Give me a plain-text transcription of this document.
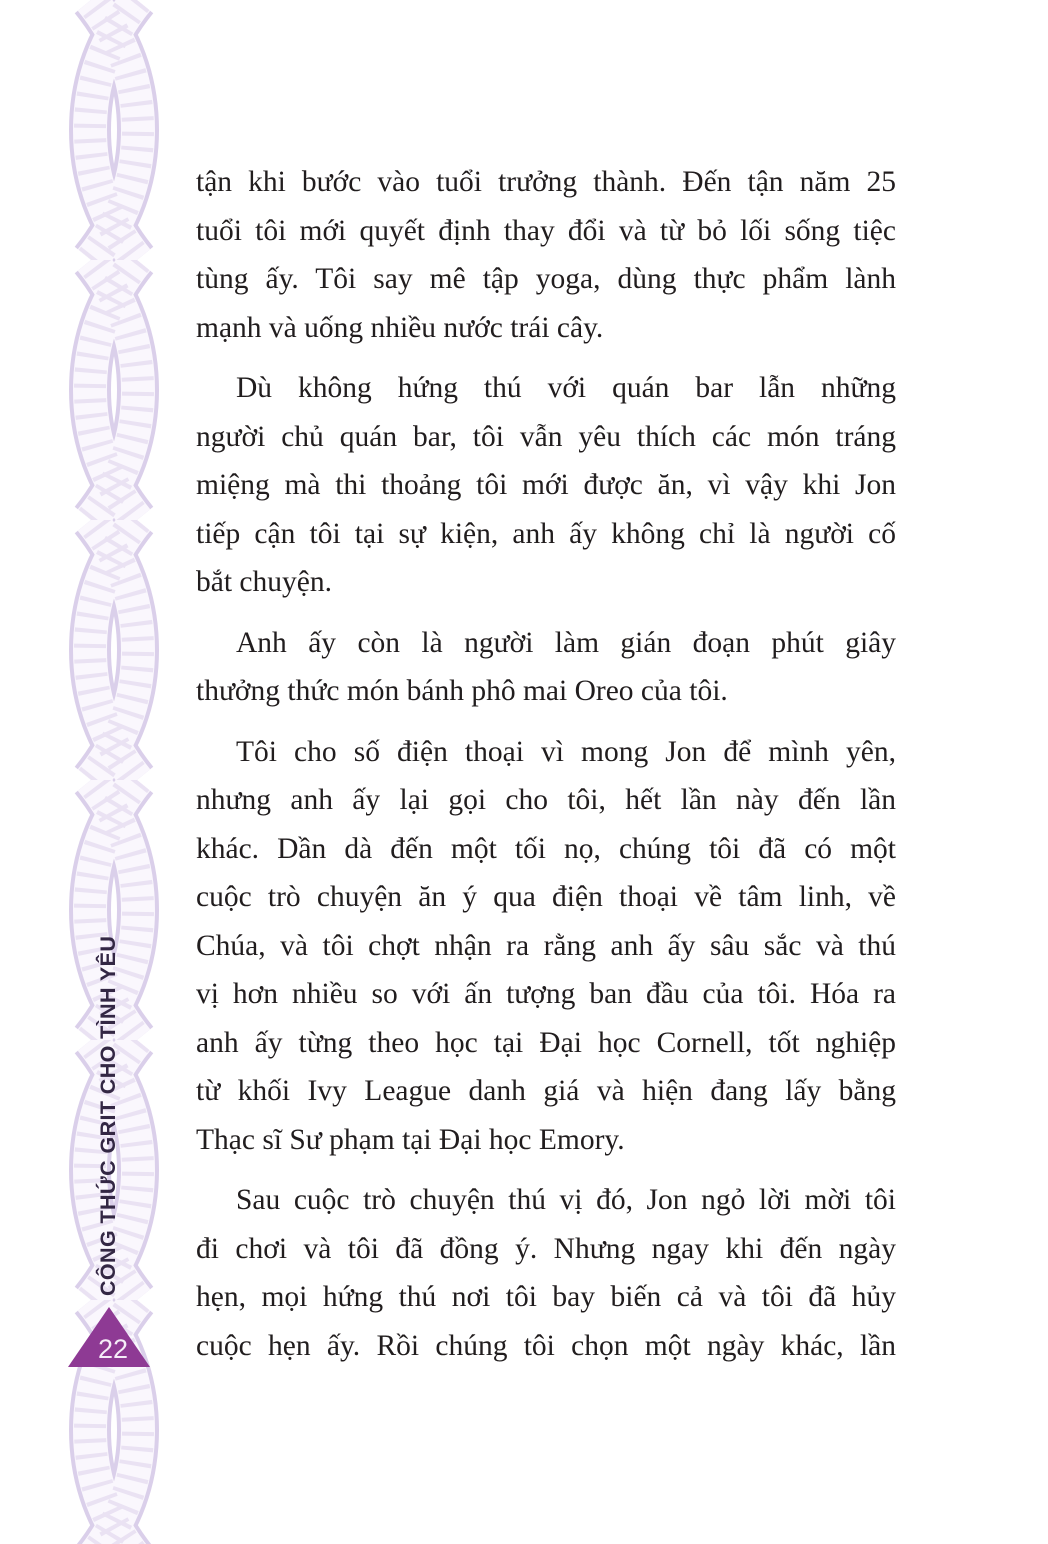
CÔNG THỨC GRIT CHO TÌNH YÊU
22

tận khi bước vào tuổi trưởng thành. Đến tận năm 25
tuổi tôi mới quyết định thay đổi và từ bỏ lối sống tiệc
tùng ấy. Tôi say mê tập yoga, dùng thực phẩm lành
mạnh và uống nhiều nước trái cây.

Dù không hứng thú với quán bar lẫn những
người chủ quán bar, tôi vẫn yêu thích các món tráng
miệng mà thi thoảng tôi mới được ăn, vì vậy khi Jon
tiếp cận tôi tại sự kiện, anh ấy không chỉ là người cố
bắt chuyện.

Anh ấy còn là người làm gián đoạn phút giây
thưởng thức món bánh phô mai Oreo của tôi.

Tôi cho số điện thoại vì mong Jon để mình yên,
nhưng anh ấy lại gọi cho tôi, hết lần này đến lần
khác. Dần dà đến một tối nọ, chúng tôi đã có một
cuộc trò chuyện ăn ý qua điện thoại về tâm linh, về
Chúa, và tôi chợt nhận ra rằng anh ấy sâu sắc và thú
vị hơn nhiều so với ấn tượng ban đầu của tôi. Hóa ra
anh ấy từng theo học tại Đại học Cornell, tốt nghiệp
từ khối Ivy League danh giá và hiện đang lấy bằng
Thạc sĩ Sư phạm tại Đại học Emory.

Sau cuộc trò chuyện thú vị đó, Jon ngỏ lời mời tôi
đi chơi và tôi đã đồng ý. Nhưng ngay khi đến ngày
hẹn, mọi hứng thú nơi tôi bay biến cả và tôi đã hủy
cuộc hẹn ấy. Rồi chúng tôi chọn một ngày khác, lần
